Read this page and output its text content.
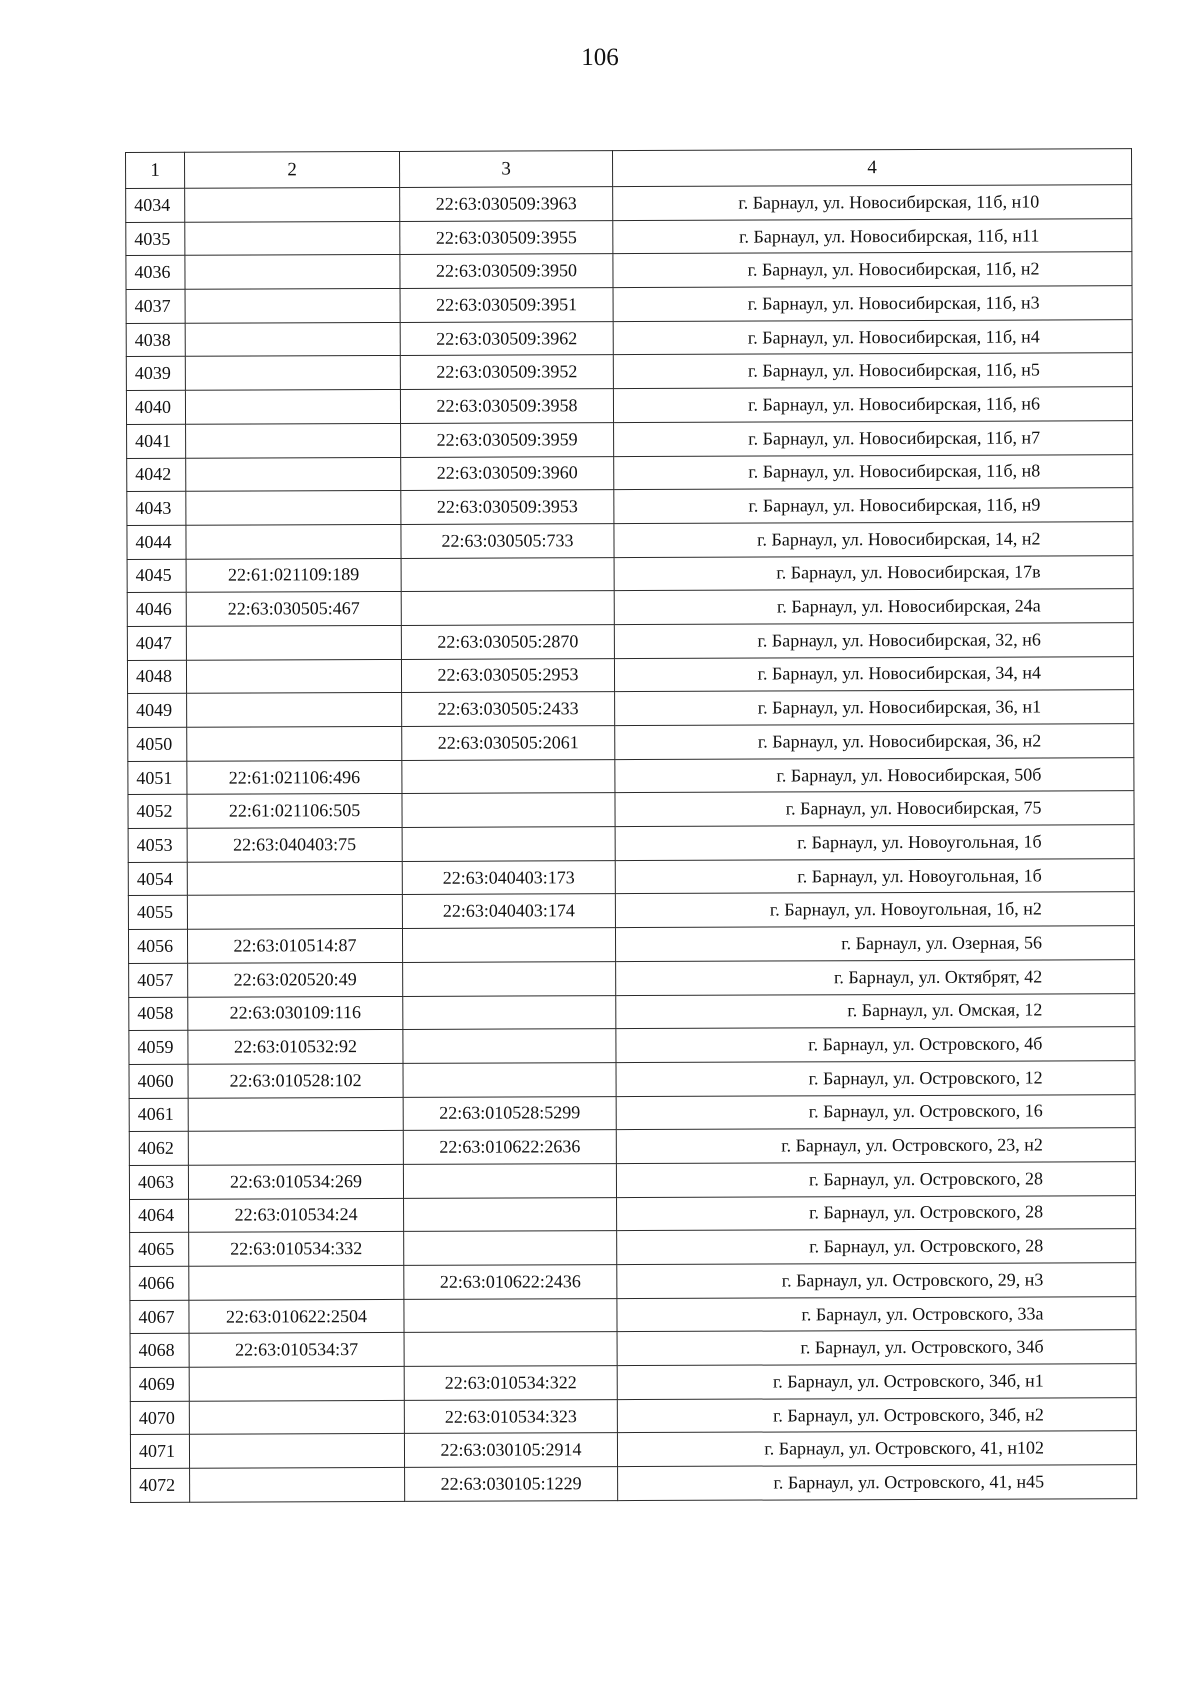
106
1	2	3	4
4034		22:63:030509:3963	г. Барнаул, ул. Новосибирская, 11б, н10
4035		22:63:030509:3955	г. Барнаул, ул. Новосибирская, 11б, н11
4036		22:63:030509:3950	г. Барнаул, ул. Новосибирская, 11б, н2
4037		22:63:030509:3951	г. Барнаул, ул. Новосибирская, 11б, н3
4038		22:63:030509:3962	г. Барнаул, ул. Новосибирская, 11б, н4
4039		22:63:030509:3952	г. Барнаул, ул. Новосибирская, 11б, н5
4040		22:63:030509:3958	г. Барнаул, ул. Новосибирская, 11б, н6
4041		22:63:030509:3959	г. Барнаул, ул. Новосибирская, 11б, н7
4042		22:63:030509:3960	г. Барнаул, ул. Новосибирская, 11б, н8
4043		22:63:030509:3953	г. Барнаул, ул. Новосибирская, 11б, н9
4044		22:63:030505:733	г. Барнаул, ул. Новосибирская, 14, н2
4045	22:61:021109:189		г. Барнаул, ул. Новосибирская, 17в
4046	22:63:030505:467		г. Барнаул, ул. Новосибирская, 24а
4047		22:63:030505:2870	г. Барнаул, ул. Новосибирская, 32, н6
4048		22:63:030505:2953	г. Барнаул, ул. Новосибирская, 34, н4
4049		22:63:030505:2433	г. Барнаул, ул. Новосибирская, 36, н1
4050		22:63:030505:2061	г. Барнаул, ул. Новосибирская, 36, н2
4051	22:61:021106:496		г. Барнаул, ул. Новосибирская, 50б
4052	22:61:021106:505		г. Барнаул, ул. Новосибирская, 75
4053	22:63:040403:75		г. Барнаул, ул. Новоугольная, 1б
4054		22:63:040403:173	г. Барнаул, ул. Новоугольная, 1б
4055		22:63:040403:174	г. Барнаул, ул. Новоугольная, 1б, н2
4056	22:63:010514:87		г. Барнаул, ул. Озерная, 56
4057	22:63:020520:49		г. Барнаул, ул. Октябрят, 42
4058	22:63:030109:116		г. Барнаул, ул. Омская, 12
4059	22:63:010532:92		г. Барнаул, ул. Островского, 4б
4060	22:63:010528:102		г. Барнаул, ул. Островского, 12
4061		22:63:010528:5299	г. Барнаул, ул. Островского, 16
4062		22:63:010622:2636	г. Барнаул, ул. Островского, 23, н2
4063	22:63:010534:269		г. Барнаул, ул. Островского, 28
4064	22:63:010534:24		г. Барнаул, ул. Островского, 28
4065	22:63:010534:332		г. Барнаул, ул. Островского, 28
4066		22:63:010622:2436	г. Барнаул, ул. Островского, 29, н3
4067	22:63:010622:2504		г. Барнаул, ул. Островского, 33а
4068	22:63:010534:37		г. Барнаул, ул. Островского, 34б
4069		22:63:010534:322	г. Барнаул, ул. Островского, 34б, н1
4070		22:63:010534:323	г. Барнаул, ул. Островского, 34б, н2
4071		22:63:030105:2914	г. Барнаул, ул. Островского, 41, н102
4072		22:63:030105:1229	г. Барнаул, ул. Островского, 41, н45
